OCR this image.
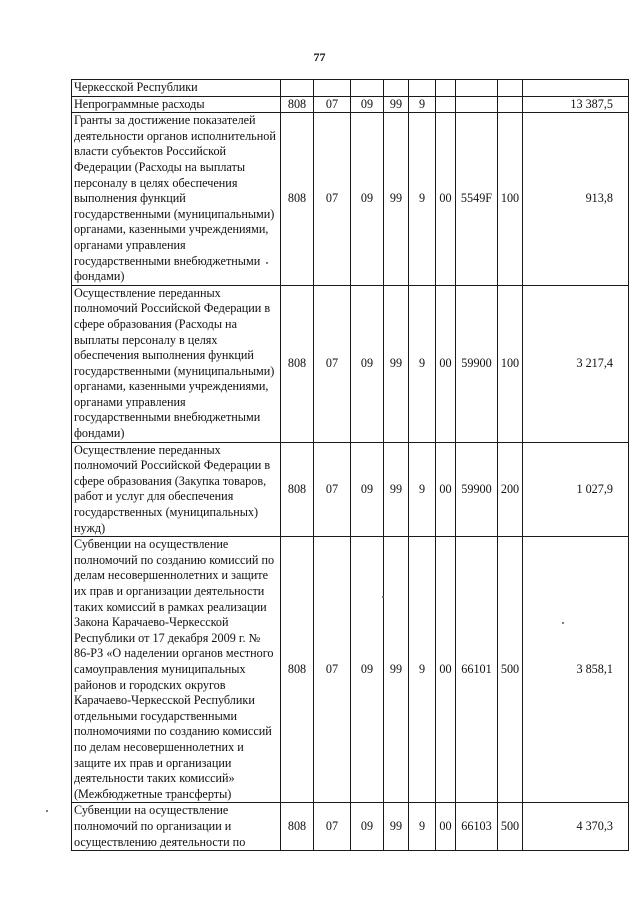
77
Черкесской Республики									
Непрограммные расходы	808	07	09	99	9				13 387,5
Гранты за достижение показателей деятельности органов исполнительной власти субъектов Российской Федерации (Расходы на выплаты персоналу в целях обеспечения выполнения функций государственными (муниципальными) органами, казенными учреждениями, органами управления государственными внебюджетными фондами)	808	07	09	99	9	00	5549F	100	913,8
Осуществление переданных полномочий Российской Федерации в сфере образования (Расходы на выплаты персоналу в целях обеспечения выполнения функций государственными (муниципальными) органами, казенными учреждениями, органами управления государственными внебюджетными фондами)	808	07	09	99	9	00	59900	100	3 217,4
Осуществление переданных полномочий Российской Федерации в сфере образования (Закупка товаров, работ и услуг для обеспечения государственных (муниципальных) нужд)	808	07	09	99	9	00	59900	200	1 027,9
Субвенции на осуществление полномочий по созданию комиссий по делам несовершеннолетних и защите их прав и организации деятельности таких комиссий в рамках реализации Закона Карачаево-Черкесской Республики от 17 декабря 2009 г. № 86-РЗ «О наделении органов местного самоуправления муниципальных районов и городских округов Карачаево-Черкесской Республики отдельными государственными полномочиями по созданию комиссий по делам несовершеннолетних и защите их прав и организации деятельности таких комиссий» (Межбюджетные трансферты)	808	07	09	99	9	00	66101	500	3 858,1
Субвенции на осуществление полномочий по организации и осуществлению деятельности по	808	07	09	99	9	00	66103	500	4 370,3
